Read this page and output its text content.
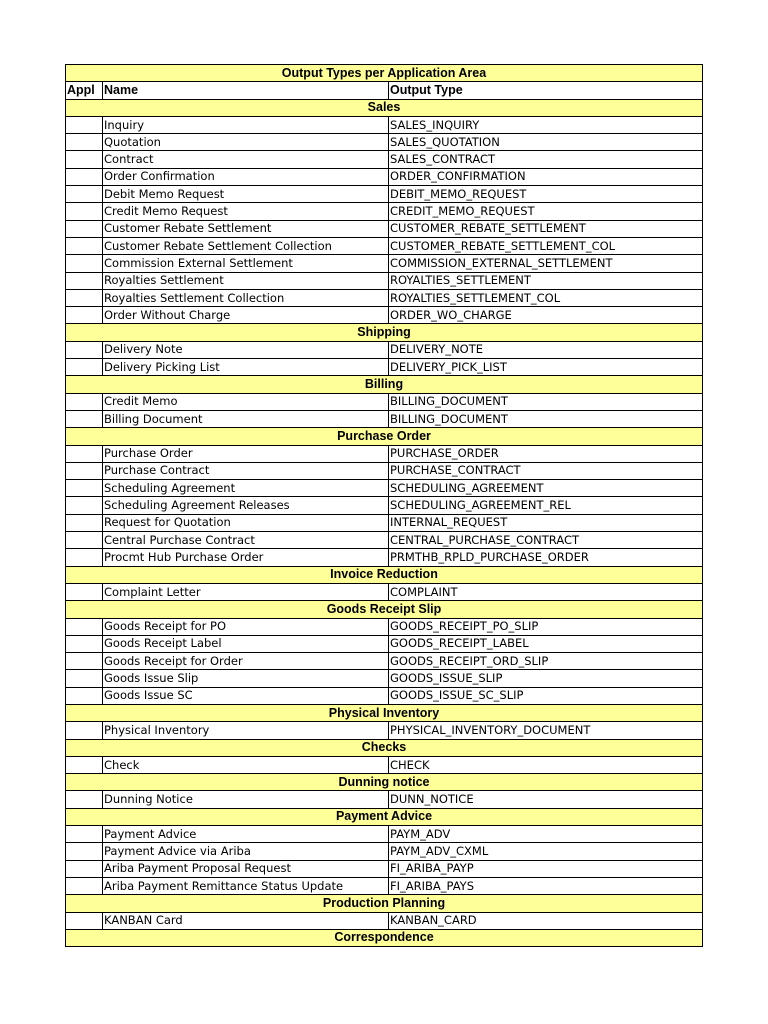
Output Types per Application Area		
Appl	Name	Output Type
Sales		
	Inquiry	SALES_INQUIRY
	Quotation	SALES_QUOTATION
	Contract	SALES_CONTRACT
	Order Confirmation	ORDER_CONFIRMATION
	Debit Memo Request	DEBIT_MEMO_REQUEST
	Credit Memo Request	CREDIT_MEMO_REQUEST
	Customer Rebate Settlement	CUSTOMER_REBATE_SETTLEMENT
	Customer Rebate Settlement Collection	CUSTOMER_REBATE_SETTLEMENT_COL
	Commission External Settlement	COMMISSION_EXTERNAL_SETTLEMENT
	Royalties Settlement	ROYALTIES_SETTLEMENT
	Royalties Settlement Collection	ROYALTIES_SETTLEMENT_COL
	Order Without Charge	ORDER_WO_CHARGE
Shipping		
	Delivery Note	DELIVERY_NOTE
	Delivery Picking List	DELIVERY_PICK_LIST
Billing		
	Credit Memo	BILLING_DOCUMENT
	Billing Document	BILLING_DOCUMENT
Purchase Order		
	Purchase Order	PURCHASE_ORDER
	Purchase Contract	PURCHASE_CONTRACT
	Scheduling Agreement	SCHEDULING_AGREEMENT
	Scheduling Agreement Releases	SCHEDULING_AGREEMENT_REL
	Request for Quotation	INTERNAL_REQUEST
	Central Purchase Contract	CENTRAL_PURCHASE_CONTRACT
	Procmt Hub Purchase Order	PRMTHB_RPLD_PURCHASE_ORDER
Invoice Reduction		
	Complaint Letter	COMPLAINT
Goods Receipt Slip		
	Goods Receipt for PO	GOODS_RECEIPT_PO_SLIP
	Goods Receipt Label	GOODS_RECEIPT_LABEL
	Goods Receipt for Order	GOODS_RECEIPT_ORD_SLIP
	Goods Issue Slip	GOODS_ISSUE_SLIP
	Goods Issue SC	GOODS_ISSUE_SC_SLIP
Physical Inventory		
	Physical Inventory	PHYSICAL_INVENTORY_DOCUMENT
Checks		
	Check	CHECK
Dunning notice		
	Dunning Notice	DUNN_NOTICE
Payment Advice		
	Payment Advice	PAYM_ADV
	Payment Advice via Ariba	PAYM_ADV_CXML
	Ariba Payment Proposal Request	FI_ARIBA_PAYP
	Ariba Payment Remittance Status Update	FI_ARIBA_PAYS
Production Planning		
	KANBAN Card	KANBAN_CARD
Correspondence		
